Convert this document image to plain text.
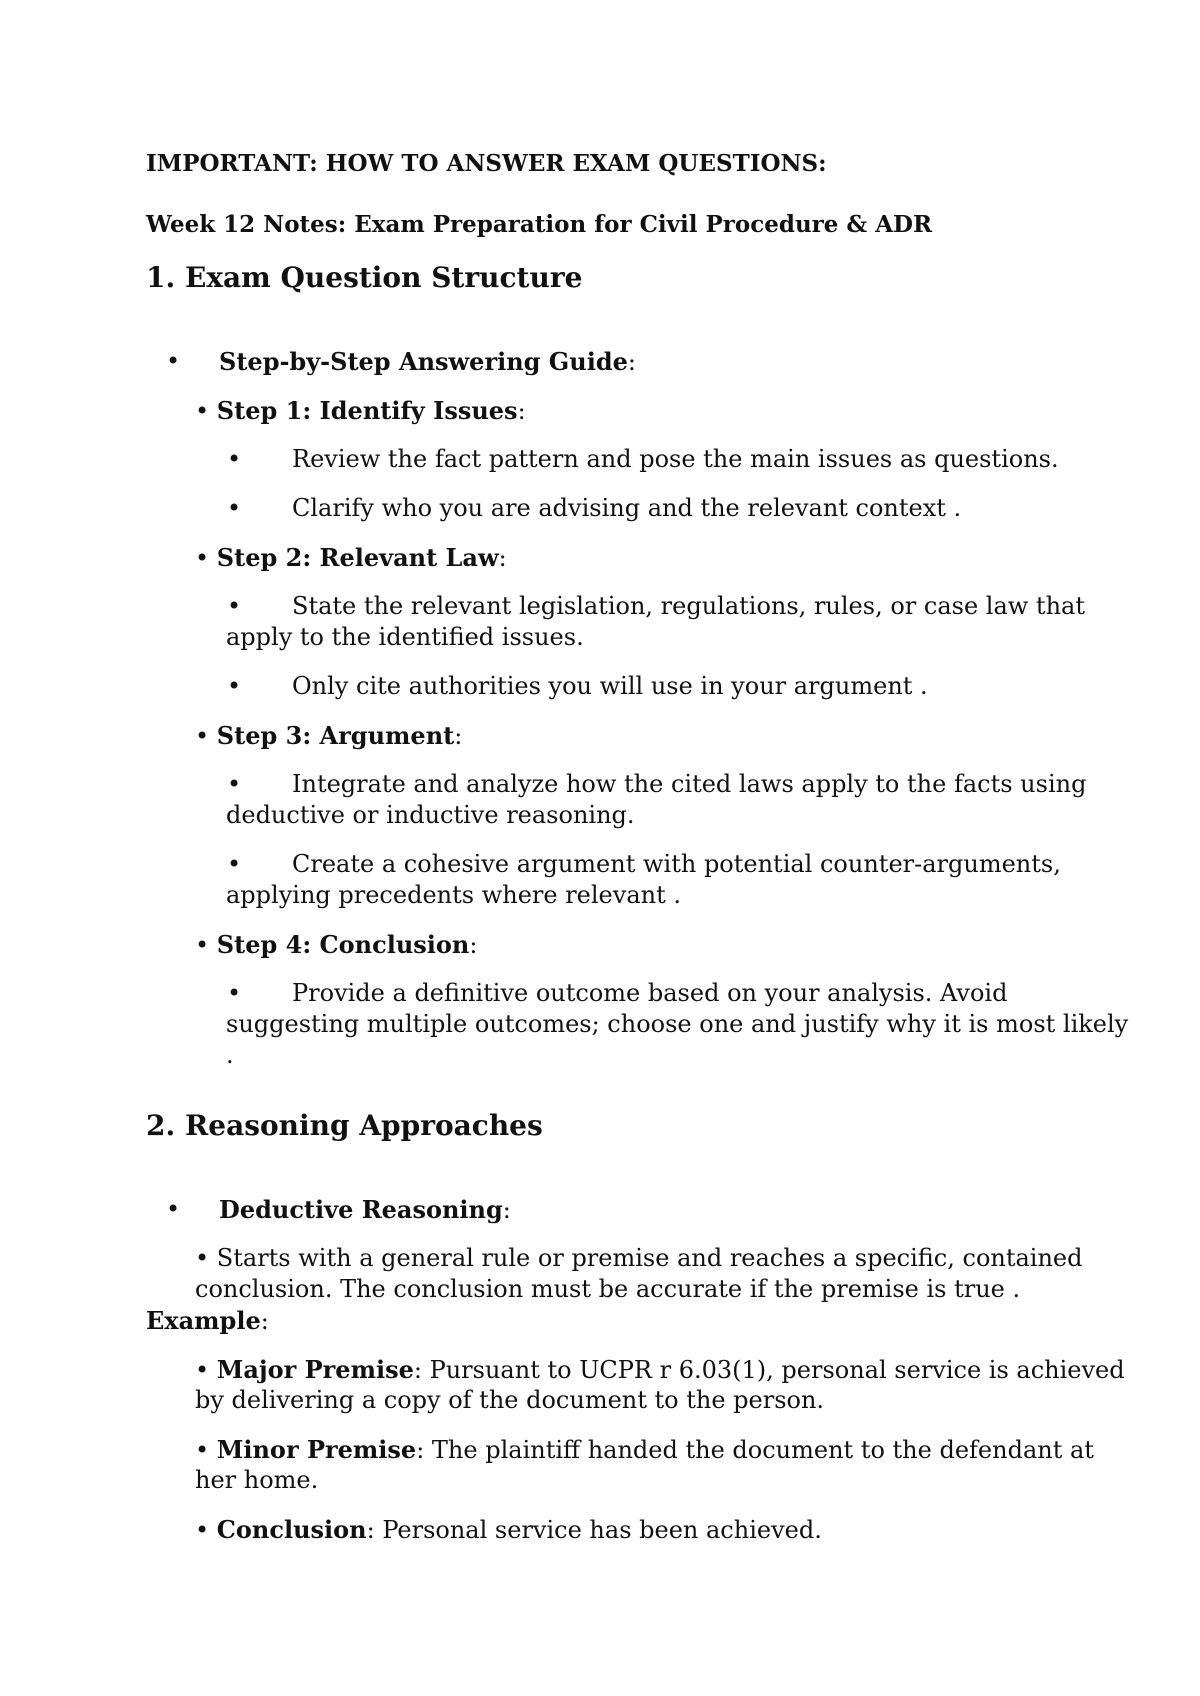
IMPORTANT: HOW TO ANSWER EXAM QUESTIONS:
Week 12 Notes: Exam Preparation for Civil Procedure & ADR
1. Exam Question Structure
• Step-by-Step Answering Guide:
• Step 1: Identify Issues:
• Review the fact pattern and pose the main issues as questions.
• Clarify who you are advising and the relevant context .
• Step 2: Relevant Law:
• State the relevant legislation, regulations, rules, or case law that
apply to the identified issues.
• Only cite authorities you will use in your argument .
• Step 3: Argument:
• Integrate and analyze how the cited laws apply to the facts using
deductive or inductive reasoning.
• Create a cohesive argument with potential counter-arguments,
applying precedents where relevant .
• Step 4: Conclusion:
• Provide a definitive outcome based on your analysis. Avoid
suggesting multiple outcomes; choose one and justify why it is most likely
.
2. Reasoning Approaches
• Deductive Reasoning:
• Starts with a general rule or premise and reaches a specific, contained
conclusion. The conclusion must be accurate if the premise is true .
Example:
• Major Premise: Pursuant to UCPR r 6.03(1), personal service is achieved
by delivering a copy of the document to the person.
• Minor Premise: The plaintiff handed the document to the defendant at
her home.
• Conclusion: Personal service has been achieved.
